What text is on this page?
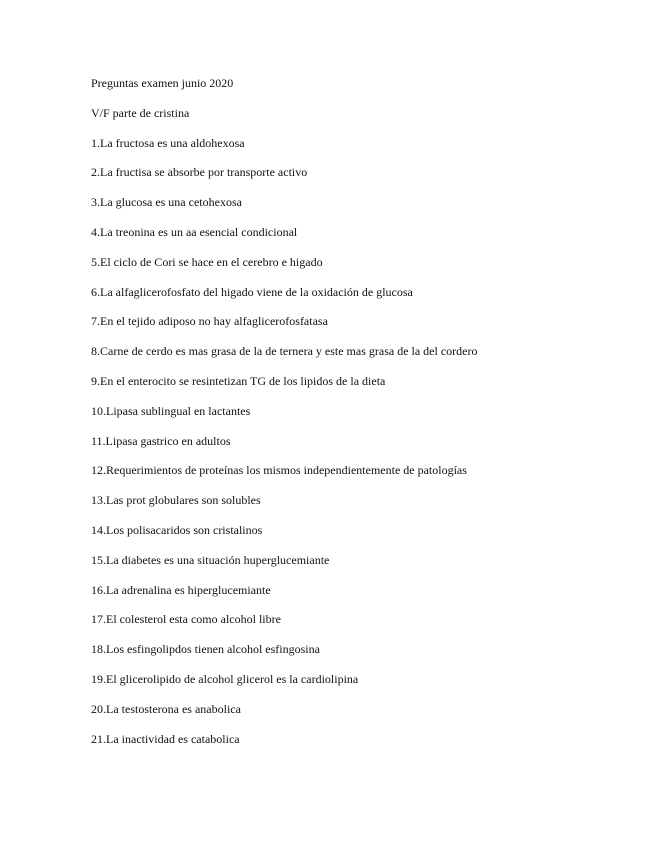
Preguntas examen junio 2020
V/F parte de cristina
1.La fructosa es una aldohexosa
2.La fructisa se absorbe por transporte activo
3.La glucosa es una cetohexosa
4.La treonina es un aa esencial condicional
5.El ciclo de Cori se hace en el cerebro e higado
6.La alfaglicerofosfato del higado viene de la oxidación de glucosa
7.En el tejido adiposo no hay alfaglicerofosfatasa
8.Carne de cerdo es mas grasa de la de ternera y este mas grasa de la del cordero
9.En el enterocito se resintetizan TG de los lipidos de la dieta
10.Lipasa sublingual en lactantes
11.Lipasa gastrico en adultos
12.Requerimientos de proteínas los mismos independientemente de patologías
13.Las prot globulares son solubles
14.Los polisacaridos son cristalinos
15.La diabetes es una situación huperglucemiante
16.La adrenalina es hiperglucemiante
17.El colesterol esta como alcohol libre
18.Los esfingolipdos tienen alcohol esfingosina
19.El glicerolipido de alcohol glicerol es la cardiolipina
20.La testosterona es anabolica
21.La inactividad es catabolica
